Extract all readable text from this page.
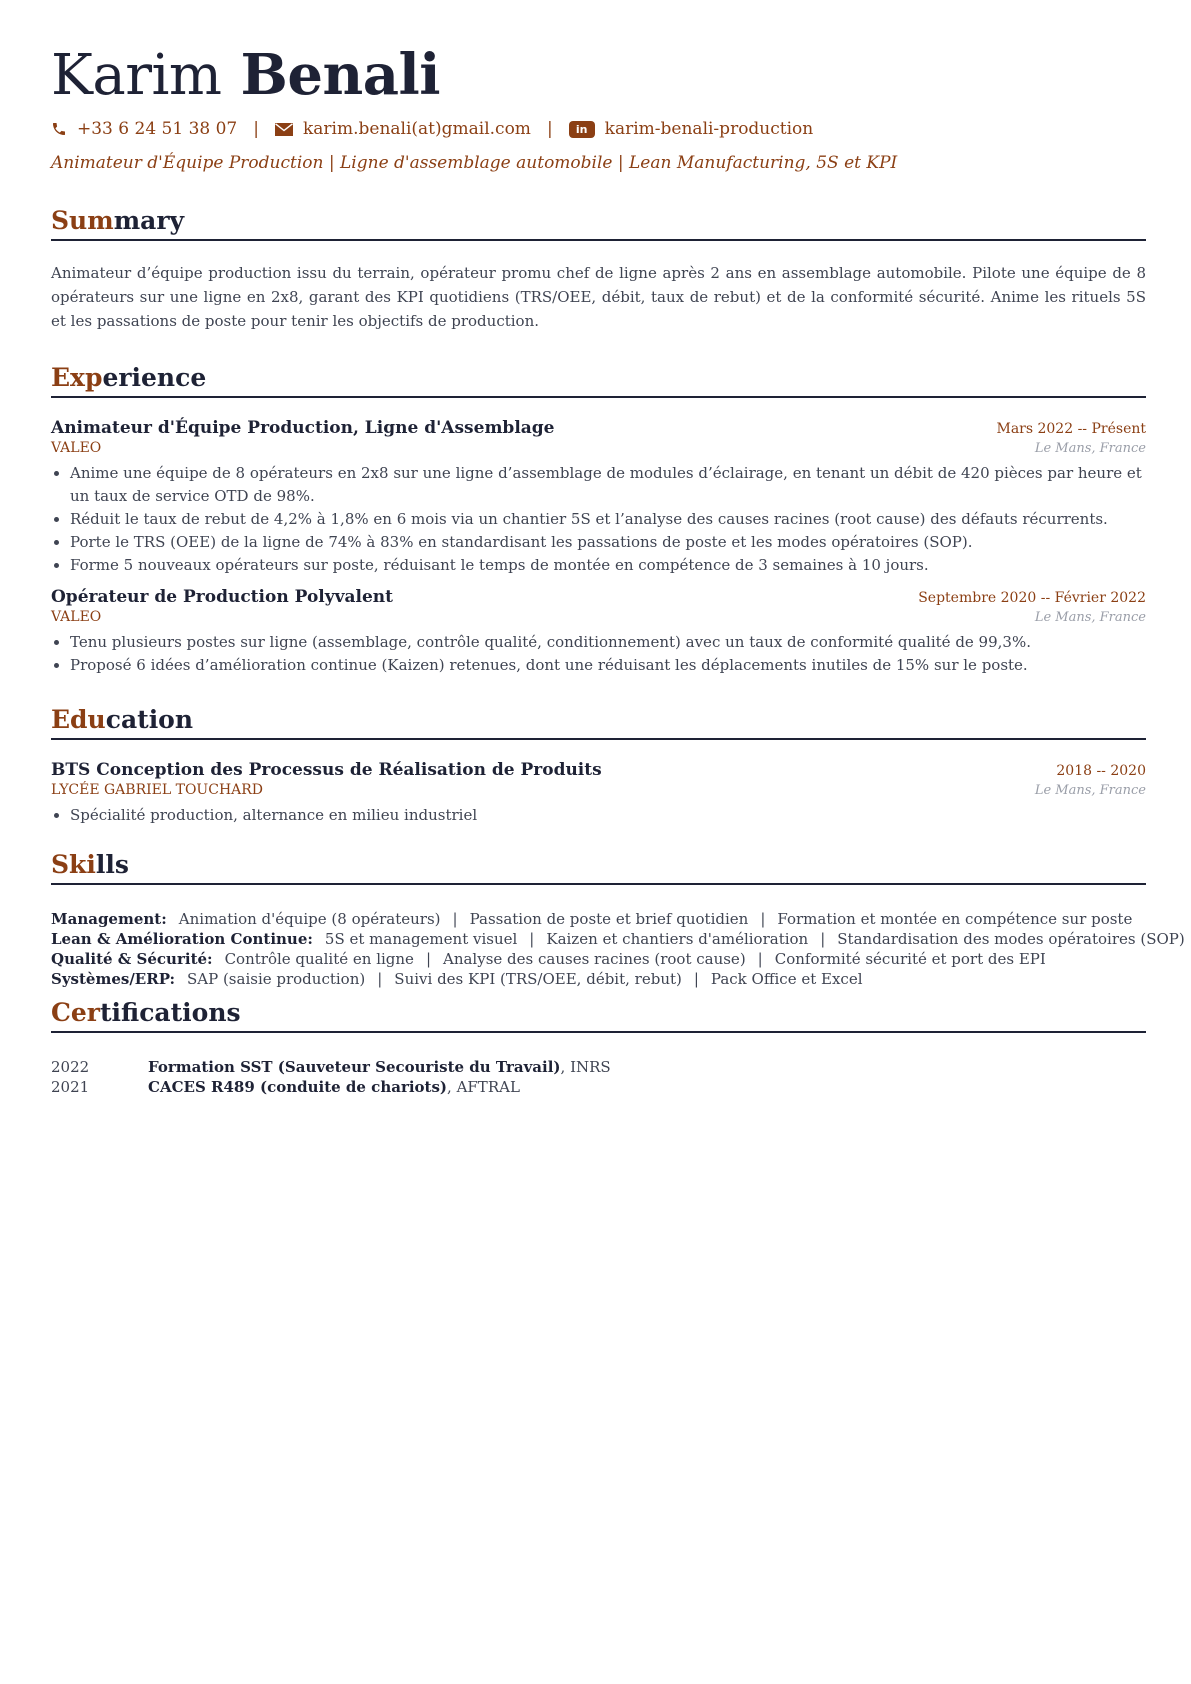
Karim Benali
+33 6 24 51 38 07 |	karim.benali(at)gmail.com |	in	karim-benali-production
Animateur d'Équipe Production | Ligne d'assemblage automobile | Lean Manufacturing, 5S et KPI
Summary
Animateur d’équipe production issu du terrain, opérateur promu chef de ligne après 2 ans en assemblage automobile. Pilote une équipe de 8 opérateurs sur une ligne en 2x8, garant des KPI quotidiens (TRS/OEE, débit, taux de rebut) et de la conformité sécurité. Anime les rituels 5S et les passations de poste pour tenir les objectifs de production.
Experience
Animateur d'Équipe Production, Ligne d'Assemblage	Mars 2022 -- Présent
VALEO	Le Mans, France
• Anime une équipe de 8 opérateurs en 2x8 sur une ligne d’assemblage de modules d’éclairage, en tenant un débit de 420 pièces par heure et un taux de service OTD de 98%.
• Réduit le taux de rebut de 4,2% à 1,8% en 6 mois via un chantier 5S et l’analyse des causes racines (root cause) des défauts récurrents.
• Porte le TRS (OEE) de la ligne de 74% à 83% en standardisant les passations de poste et les modes opératoires (SOP).
• Forme 5 nouveaux opérateurs sur poste, réduisant le temps de montée en compétence de 3 semaines à 10 jours.
Opérateur de Production Polyvalent	Septembre 2020 -- Février 2022
VALEO	Le Mans, France
• Tenu plusieurs postes sur ligne (assemblage, contrôle qualité, conditionnement) avec un taux de conformité qualité de 99,3%.
• Proposé 6 idées d’amélioration continue (Kaizen) retenues, dont une réduisant les déplacements inutiles de 15% sur le poste.
Education
BTS Conception des Processus de Réalisation de Produits	2018 -- 2020
LYCÉE GABRIEL TOUCHARD	Le Mans, France
• Spécialité production, alternance en milieu industriel
Skills
Management: Animation d'équipe (8 opérateurs) | Passation de poste et brief quotidien | Formation et montée en compétence sur poste
Lean & Amélioration Continue: 5S et management visuel | Kaizen et chantiers d'amélioration | Standardisation des modes opératoires (SOP)
Qualité & Sécurité: Contrôle qualité en ligne | Analyse des causes racines (root cause) | Conformité sécurité et port des EPI
Systèmes/ERP: SAP (saisie production) | Suivi des KPI (TRS/OEE, débit, rebut) | Pack Office et Excel
Certifications
2022	Formation SST (Sauveteur Secouriste du Travail), INRS
2021	CACES R489 (conduite de chariots), AFTRAL
